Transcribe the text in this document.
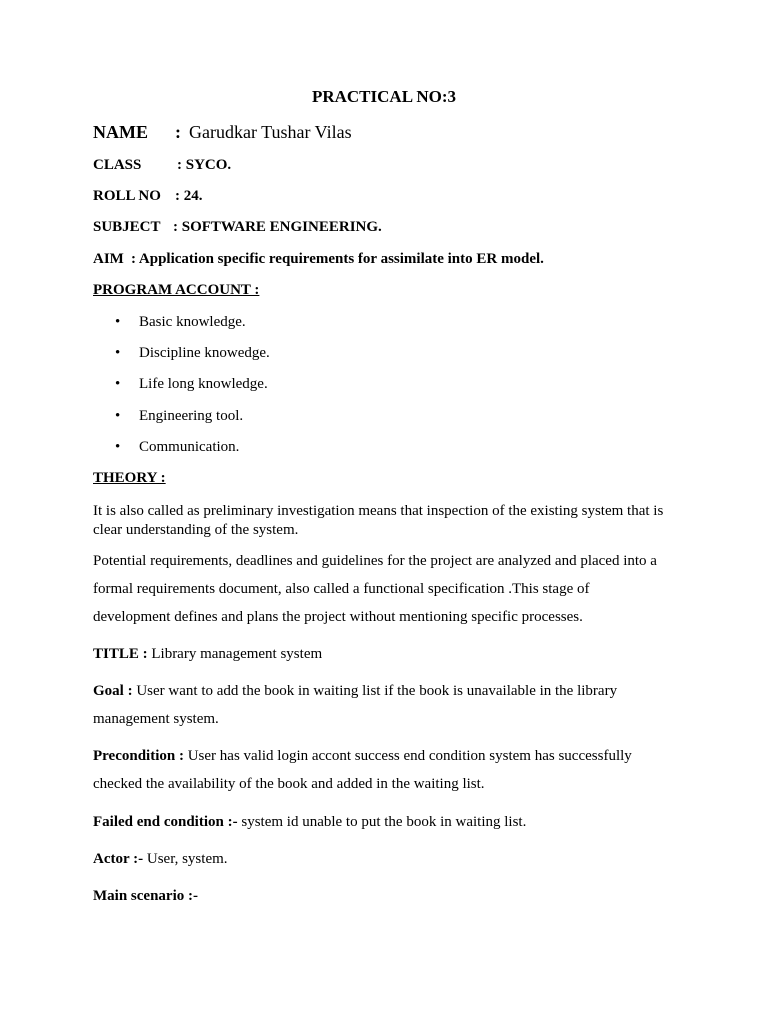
PRACTICAL NO:3
NAME : Garudkar Tushar Vilas
CLASS : SYCO.
ROLL NO : 24.
SUBJECT : SOFTWARE ENGINEERING.
AIM : Application specific requirements for assimilate into ER model.
PROGRAM ACCOUNT :
• Basic knowledge.
• Discipline knowedge.
• Life long knowledge.
• Engineering tool.
• Communication.
THEORY :
It is also called as preliminary investigation means that inspection of the existing system that is clear understanding of the system.
Potential requirements, deadlines and guidelines for the project are analyzed and placed into a
formal requirements document, also called a functional specification .This stage of
development defines and plans the project without mentioning specific processes.
TITLE : Library management system
Goal : User want to add the book in waiting list if the book is unavailable in the library
management system.
Precondition : User has valid login accont success end condition system has successfully
checked the availability of the book and added in the waiting list.
Failed end condition :- system id unable to put the book in waiting list.
Actor :- User, system.
Main scenario :-
